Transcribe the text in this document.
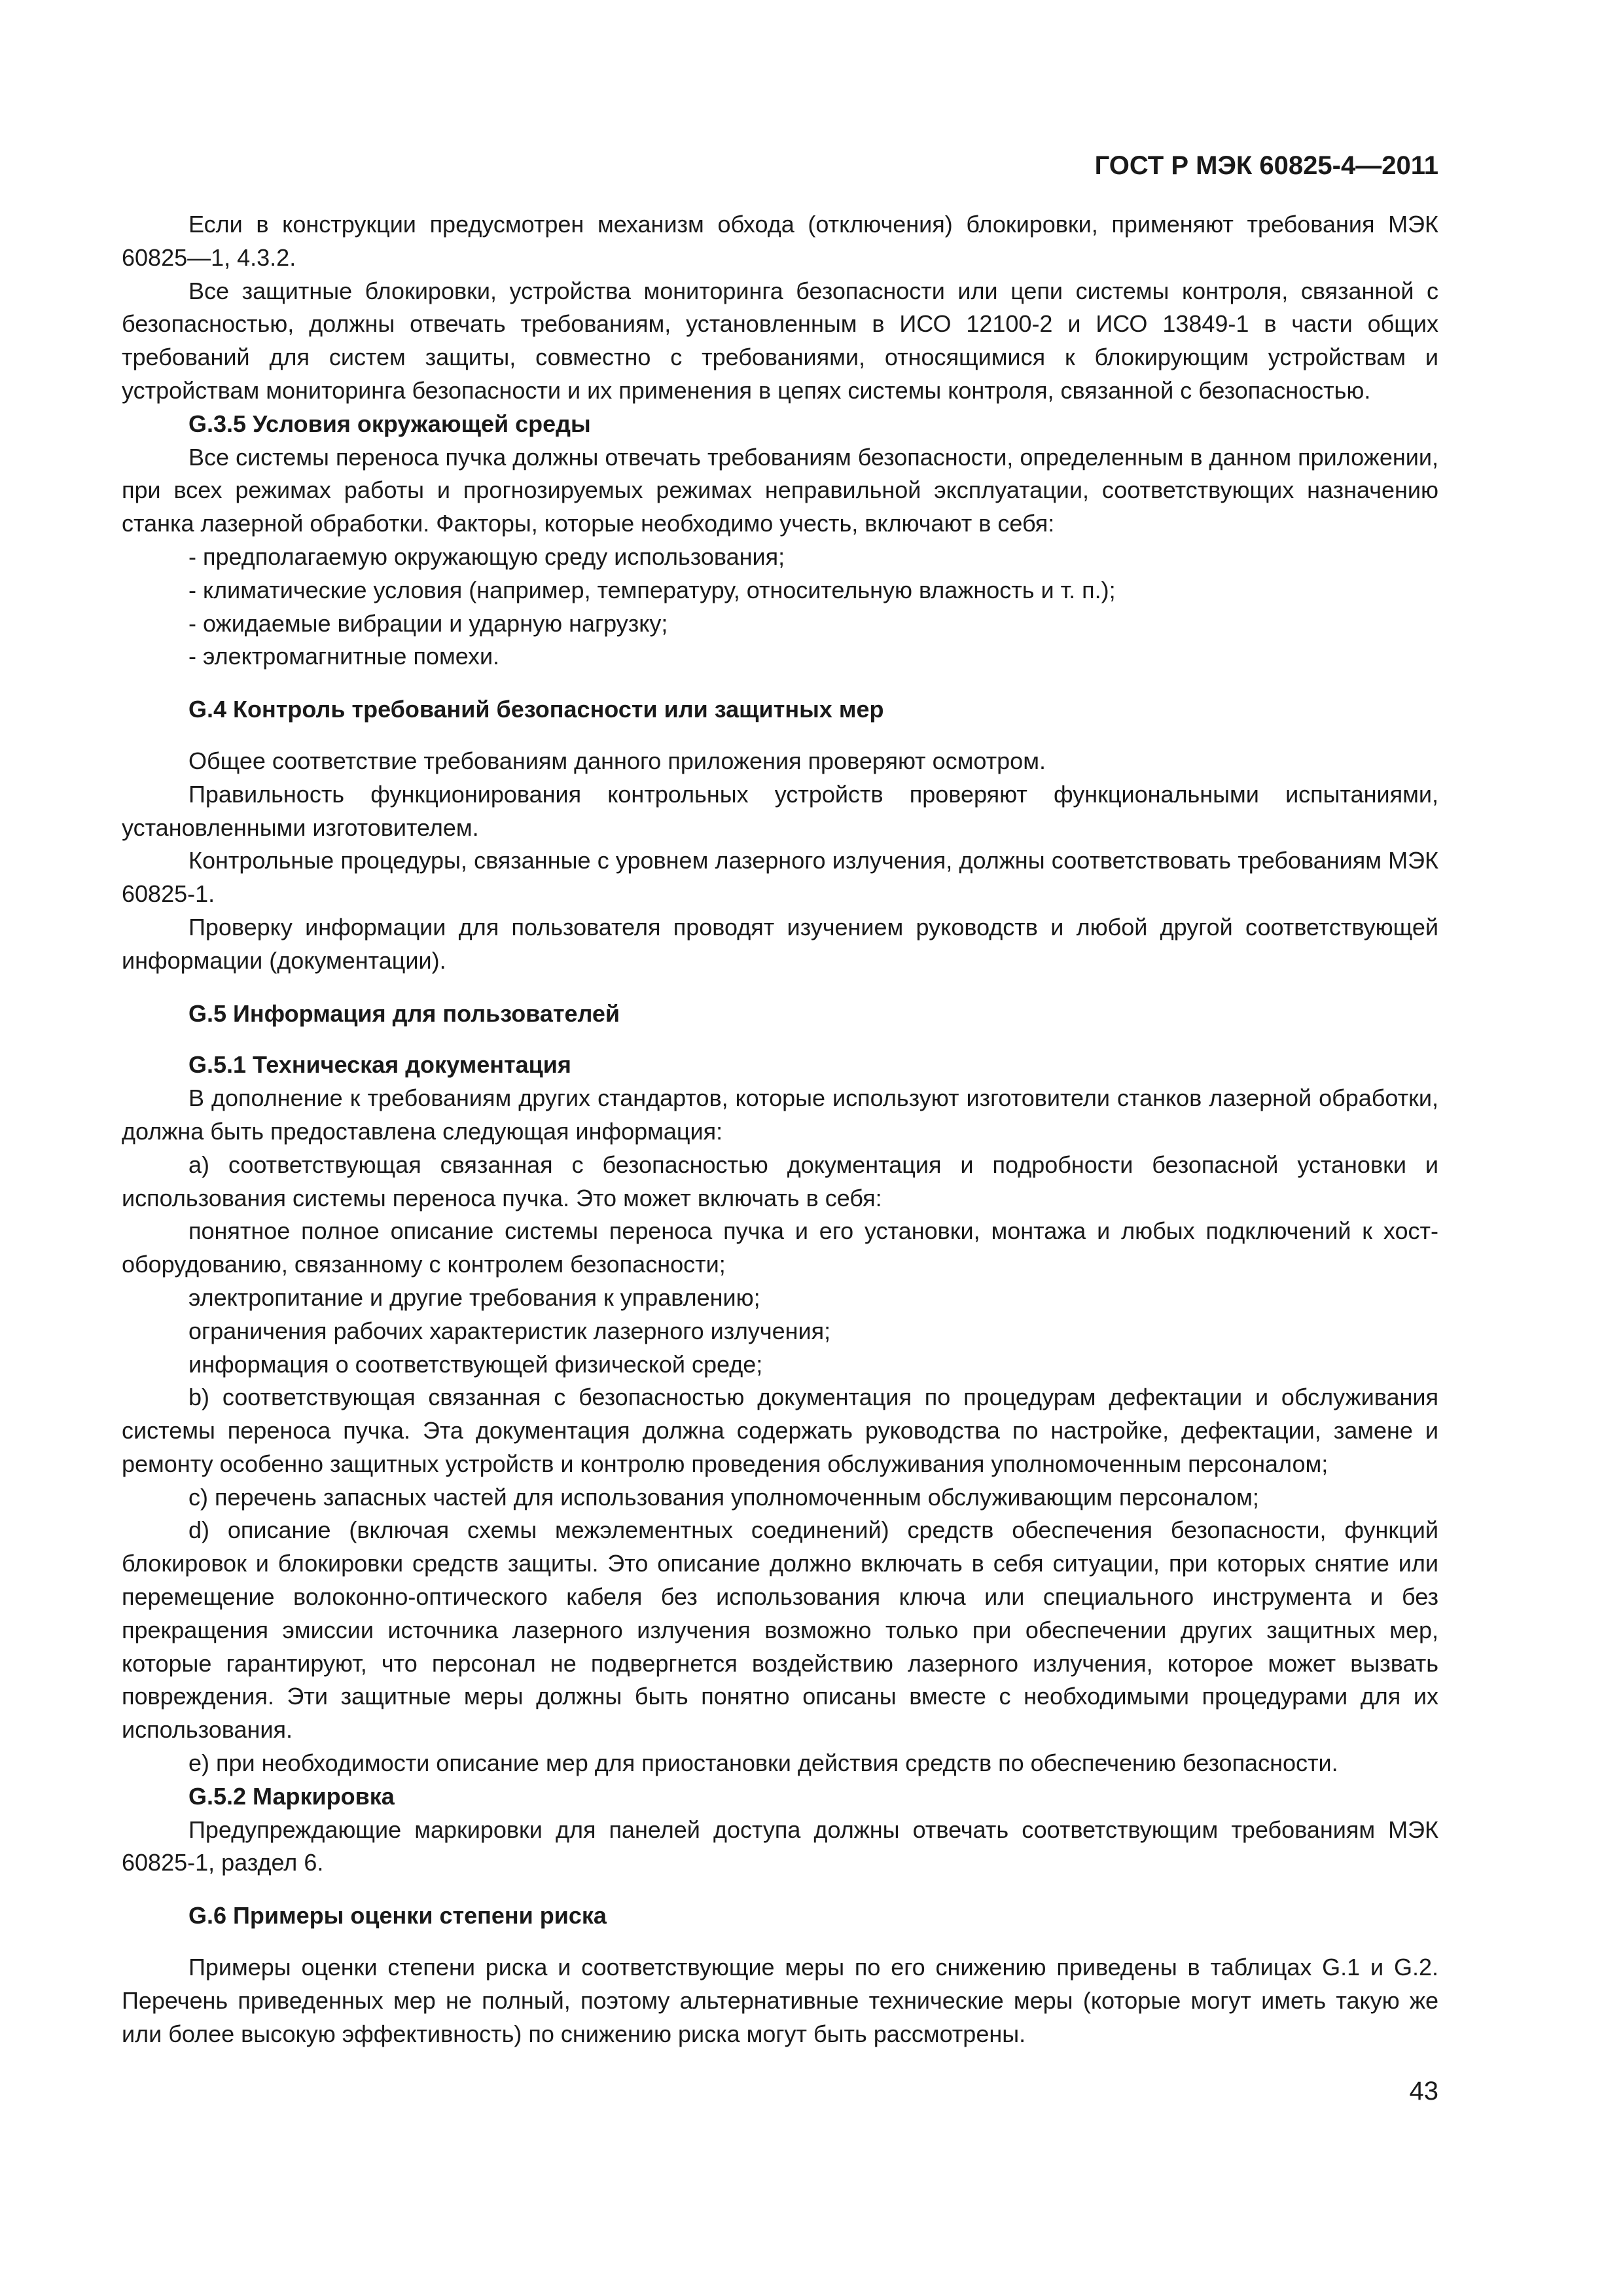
ГОСТ Р МЭК 60825-4—2011

Если в конструкции предусмотрен механизм обхода (отключения) блокировки, применяют требования МЭК 60825—1, 4.3.2.

Все защитные блокировки, устройства мониторинга безопасности или цепи системы контроля, связанной с безопасностью, должны отвечать требованиям, установленным в ИСО 12100-2 и ИСО 13849-1 в части общих требований для систем защиты, совместно с требованиями, относящимися к блокирующим устройствам и устройствам мониторинга безопасности и их применения в цепях системы контроля, связанной с безопасностью.

G.3.5 Условия окружающей среды

Все системы переноса пучка должны отвечать требованиям безопасности, определенным в данном приложении, при всех режимах работы и прогнозируемых режимах неправильной эксплуатации, соответствующих назначению станка лазерной обработки. Факторы, которые необходимо учесть, включают в себя:

- предполагаемую окружающую среду использования;

- климатические условия (например, температуру, относительную влажность и т. п.);

- ожидаемые вибрации и ударную нагрузку;

- электромагнитные помехи.

G.4 Контроль требований безопасности или защитных мер

Общее соответствие требованиям данного приложения проверяют осмотром.

Правильность функционирования контрольных устройств проверяют функциональными испытаниями, установленными изготовителем.

Контрольные процедуры, связанные с уровнем лазерного излучения, должны соответствовать требованиям МЭК 60825-1.

Проверку информации для пользователя проводят изучением руководств и любой другой соответствующей информации (документации).

G.5 Информация для пользователей

G.5.1 Техническая документация

В дополнение к требованиям других стандартов, которые используют изготовители станков лазерной обработки, должна быть предоставлена следующая информация:

a) соответствующая связанная с безопасностью документация и подробности безопасной установки и использования системы переноса пучка. Это может включать в себя:

понятное полное описание системы переноса пучка и его установки, монтажа и любых подключений к хост-оборудованию, связанному с контролем безопасности;

электропитание и другие требования к управлению;

ограничения рабочих характеристик лазерного излучения;

информация о соответствующей физической среде;

b) соответствующая связанная с безопасностью документация по процедурам дефектации и обслуживания системы переноса пучка. Эта документация должна содержать руководства по настройке, дефектации, замене и ремонту особенно защитных устройств и контролю проведения обслуживания уполномоченным персоналом;

c) перечень запасных частей для использования уполномоченным обслуживающим персоналом;

d) описание (включая схемы межэлементных соединений) средств обеспечения безопасности, функций блокировок и блокировки средств защиты. Это описание должно включать в себя ситуации, при которых снятие или перемещение волоконно-оптического кабеля без использования ключа или специального инструмента и без прекращения эмиссии источника лазерного излучения возможно только при обеспечении других защитных мер, которые гарантируют, что персонал не подвергнется воздействию лазерного излучения, которое может вызвать повреждения. Эти защитные меры должны быть понятно описаны вместе с необходимыми процедурами для их использования.

e) при необходимости описание мер для приостановки действия средств по обеспечению безопасности.

G.5.2 Маркировка

Предупреждающие маркировки для панелей доступа должны отвечать соответствующим требованиям МЭК 60825-1, раздел 6.

G.6 Примеры оценки степени риска

Примеры оценки степени риска и соответствующие меры по его снижению приведены в таблицах G.1 и G.2. Перечень приведенных мер не полный, поэтому альтернативные технические меры (которые могут иметь такую же или более высокую эффективность) по снижению риска могут быть рассмотрены.

43
